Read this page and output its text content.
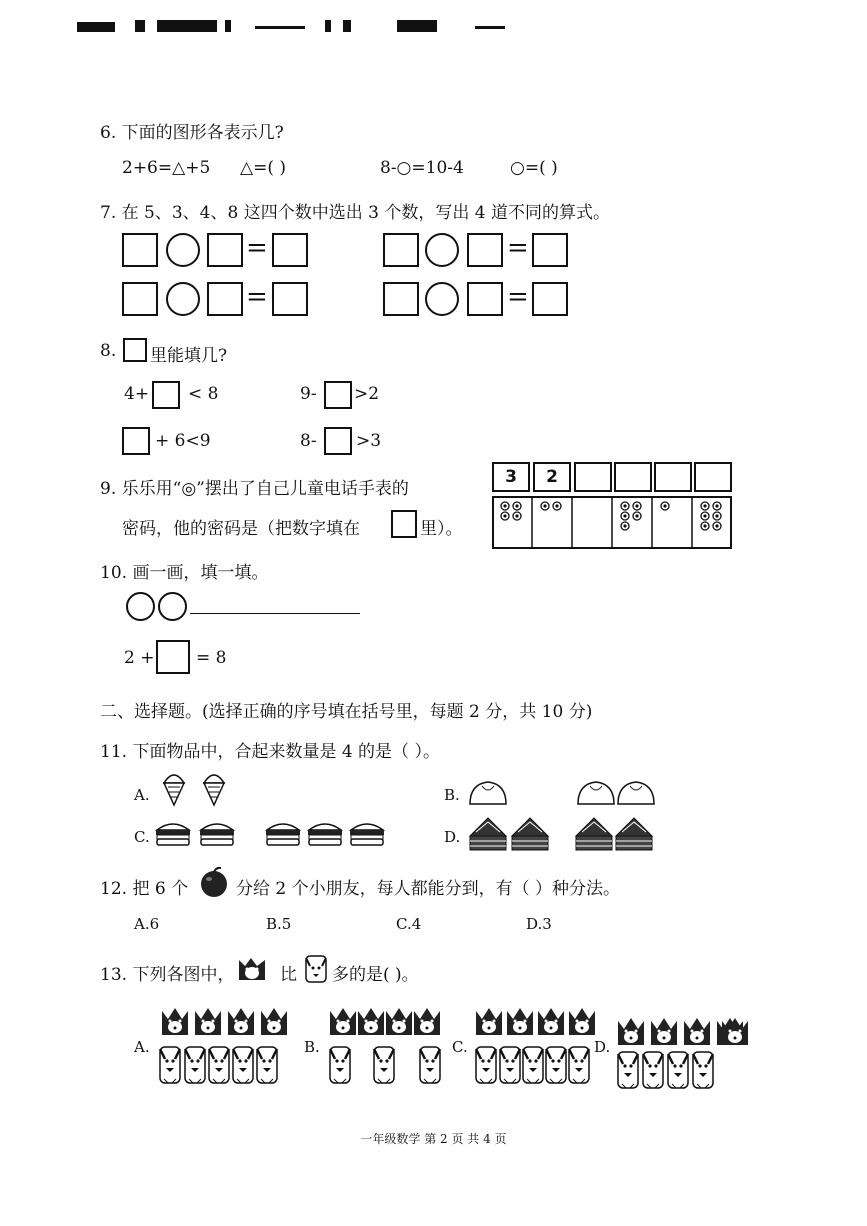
6. 下面的图形各表示几?
2+6=△+5 △=( )	8-○=10-4	○=( )
7. 在 5、3、4、8 这四个数中选出 3 个数，写出 4 道不同的算式。
=	=
=	=
8. 里能填几?
4+ < 8	9- >2
+ 6<9	8- >3
9. 乐乐用“◎”摆出了自己儿童电话手表的
密码，他的密码是（把数字填在	里）。
3	2
10. 画一画，填一填。
2 + = 8
二、选择题。(选择正确的序号填在括号里，每题 2 分，共 10 分)
11. 下面物品中，合起来数量是 4 的是（ ）。
A.	B.
C.	D.
12. 把 6 个	分给 2 个小朋友，每人都能分到，有（ ）种分法。
A.6	B.5	C.4	D.3
13. 下列各图中，	比 多的是( )。
A.	B.	C.	D.
一年级数学 第 2 页 共 4 页
